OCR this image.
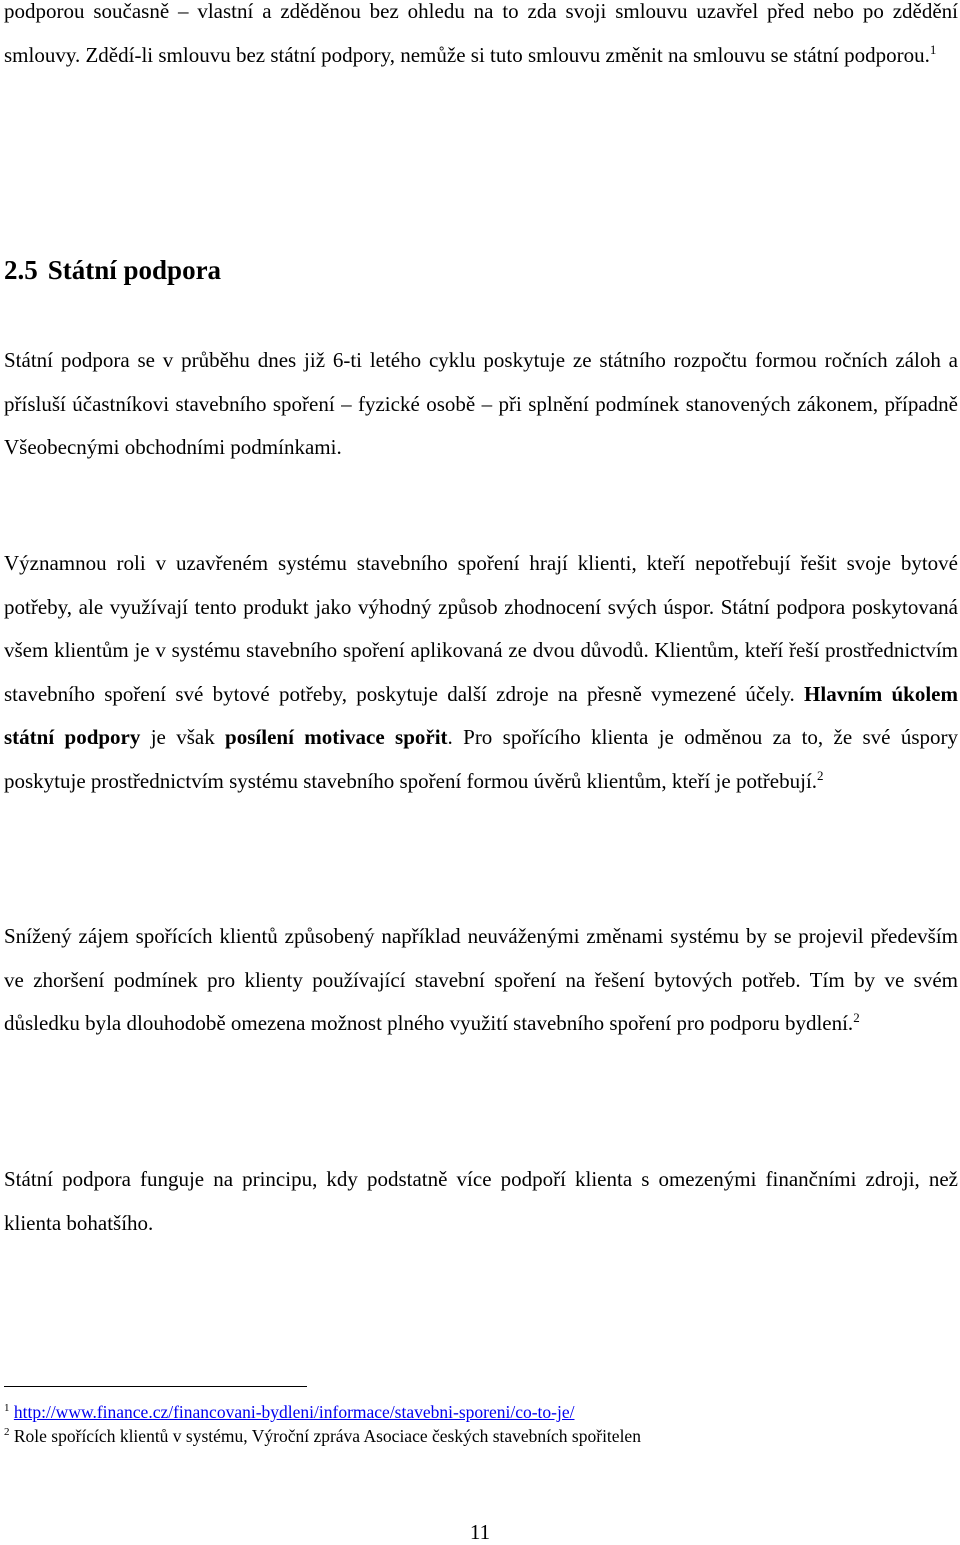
podporou současně – vlastní a zděděnou bez ohledu na to zda svoji smlouvu uzavřel před nebo po zdědění smlouvy. Zdědí-li smlouvu bez státní podpory, nemůže si tuto smlouvu změnit na smlouvu se státní podporou.$^1$

2.5 Státní podpora

Státní podpora se v průběhu dnes již 6-ti letého cyklu poskytuje ze státního rozpočtu formou ročních záloh a přísluší účastníkovi stavebního spoření – fyzické osobě – při splnění podmínek stanovených zákonem, případně Všeobecnými obchodními podmínkami.

Významnou roli v uzavřeném systému stavebního spoření hrají klienti, kteří nepotřebují řešit svoje bytové potřeby, ale využívají tento produkt jako výhodný způsob zhodnocení svých úspor. Státní podpora poskytovaná všem klientům je v systému stavebního spoření aplikovaná ze dvou důvodů. Klientům, kteří řeší prostřednictvím stavebního spoření své bytové potřeby, poskytuje další zdroje na přesně vymezené účely. Hlavním úkolem státní podpory je však posílení motivace spořit. Pro spořícího klienta je odměnou za to, že své úspory poskytuje prostřednictvím systému stavebního spoření formou úvěrů klientům, kteří je potřebují.$^2$

Snížený zájem spořících klientů způsobený například neuváženými změnami systému by se projevil především ve zhoršení podmínek pro klienty používající stavební spoření na řešení bytových potřeb. Tím by ve svém důsledku byla dlouhodobě omezena možnost plného využití stavebního spoření pro podporu bydlení.$^2$

Státní podpora funguje na principu, kdy podstatně více podpoří klienta s omezenými finančními zdroji, než klienta bohatšího.

$^1$ http://www.finance.cz/financovani-bydleni/informace/stavebni-sporeni/co-to-je/
$^2$ Role spořících klientů v systému, Výroční zpráva Asociace českých stavebních spořitelen
11
